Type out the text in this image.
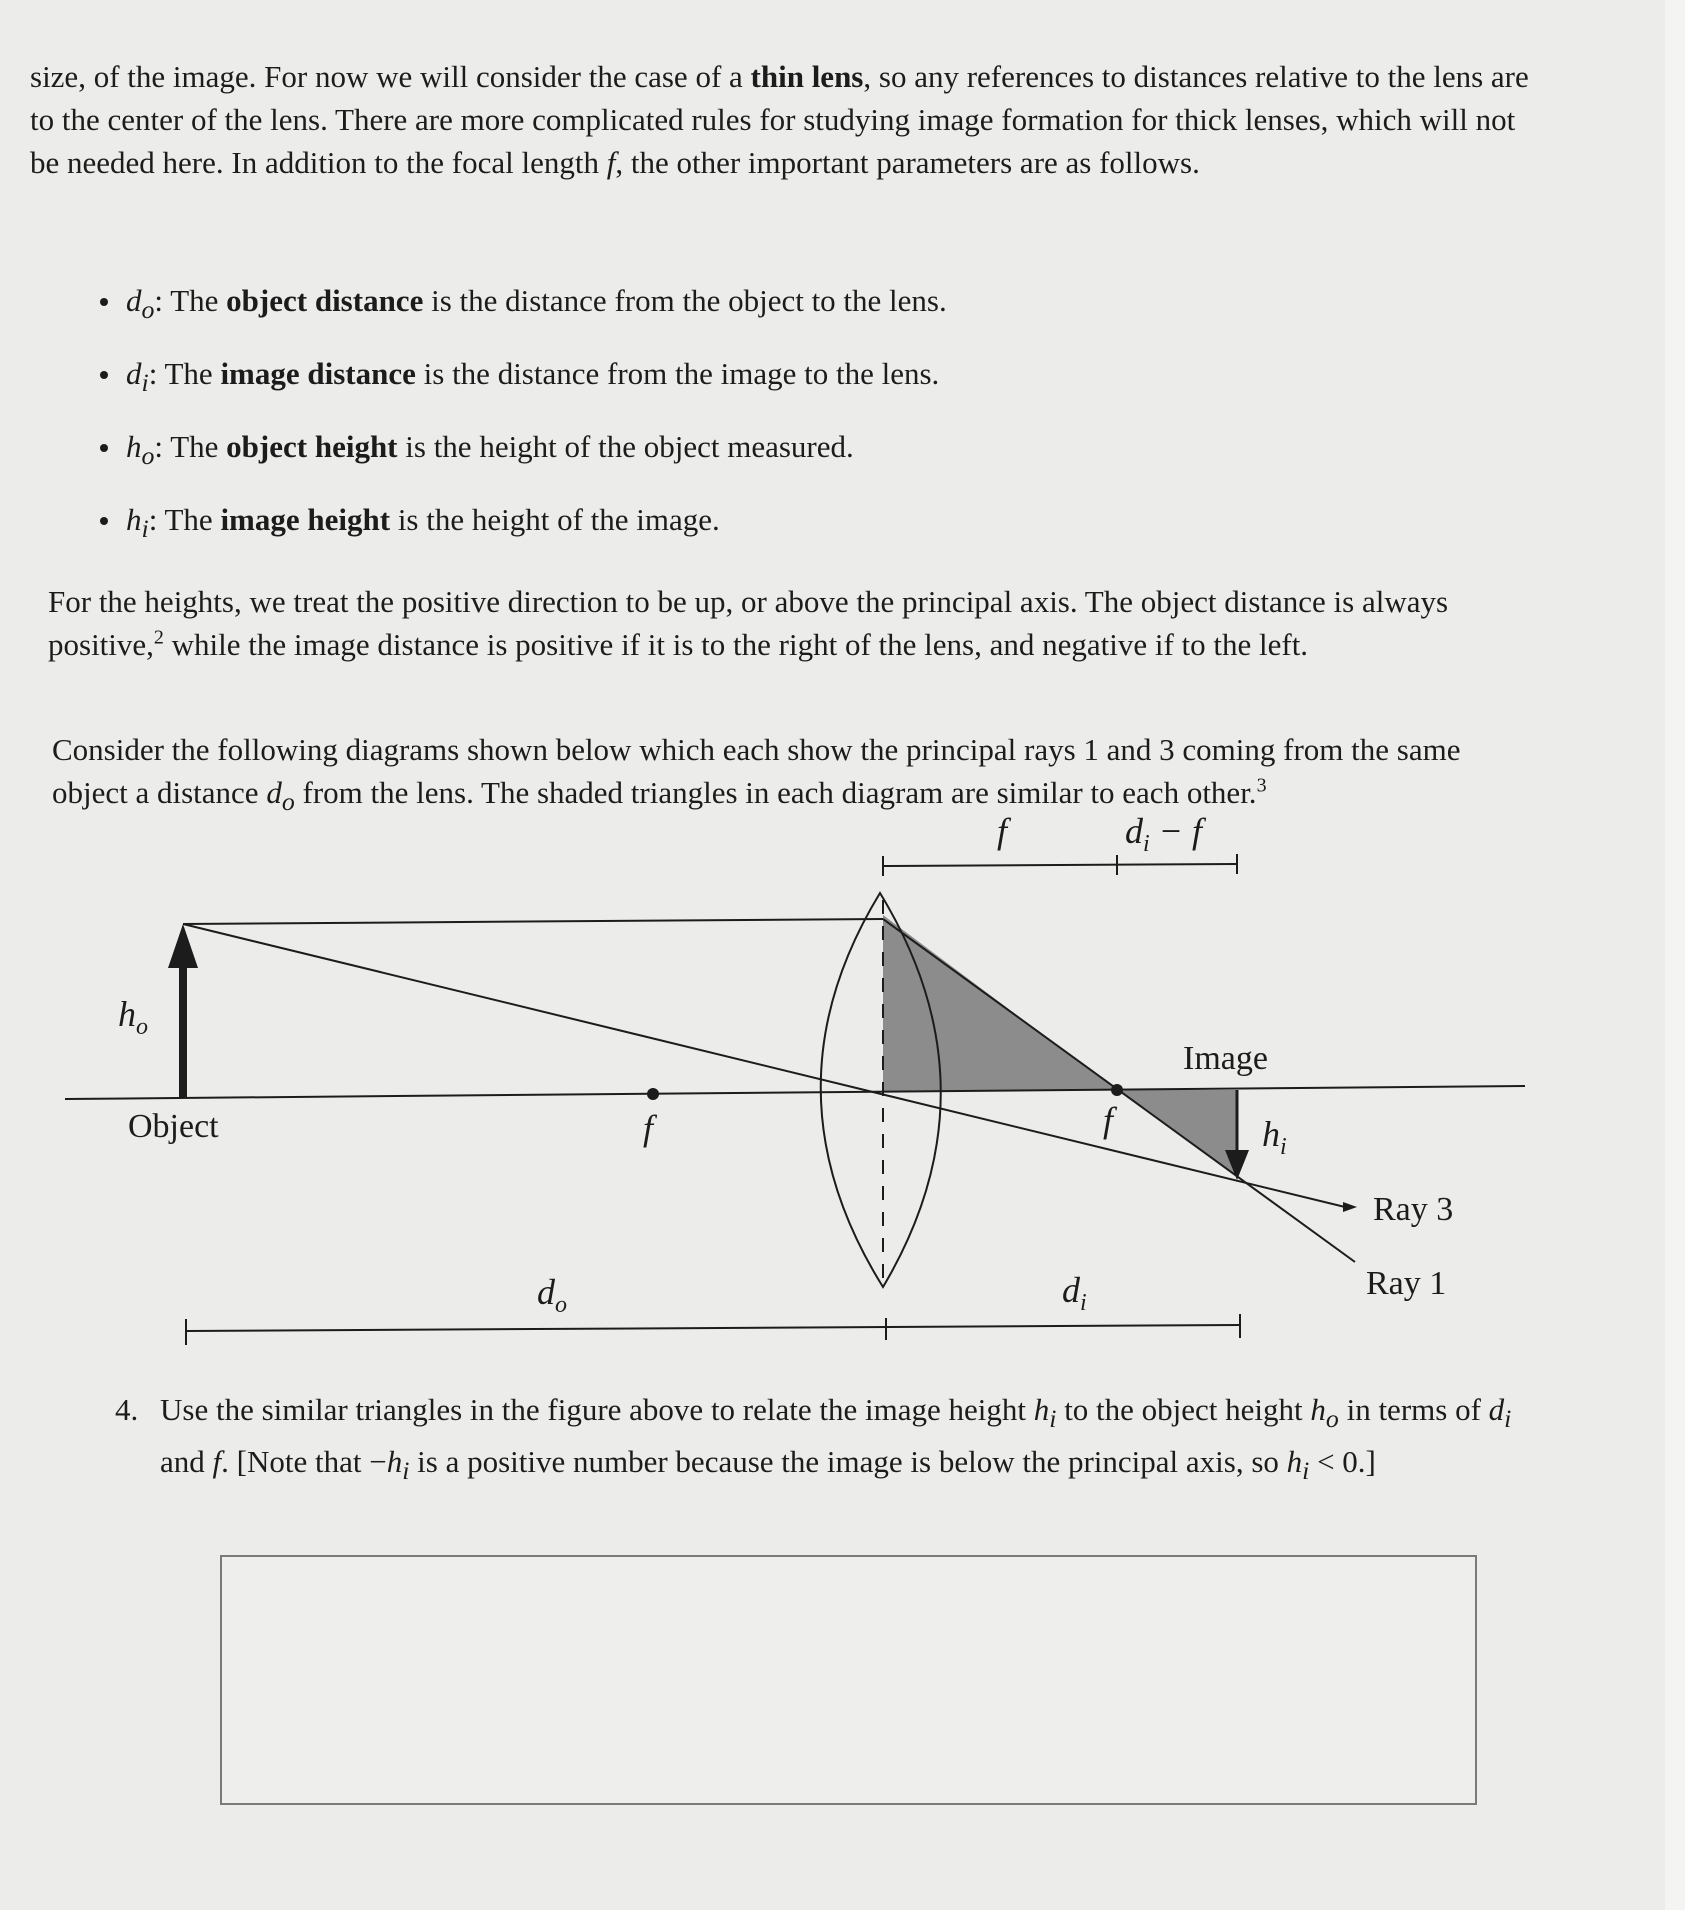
size, of the image. For now we will consider the case of a thin lens, so any references to distances relative to the lens are to the center of the lens. There are more complicated rules for studying image formation for thick lenses, which will not be needed here. In addition to the focal length f, the other important parameters are as follows.

$d_o$: The object distance is the distance from the object to the lens.
$d_i$: The image distance is the distance from the image to the lens.
$h_o$: The object height is the height of the object measured.
$h_i$: The image height is the height of the image.

For the heights, we treat the positive direction to be up, or above the principal axis. The object distance is always positive,$^2$ while the image distance is positive if it is to the right of the lens, and negative if to the left.

Consider the following diagrams shown below which each show the principal rays 1 and 3 coming from the same object a distance $d_o$ from the lens. The shaded triangles in each diagram are similar to each other.$^3$

f	$d_i - f$
$h_o$
Object	f
Image
f	$h_i$
Ray 3
Ray 1
$d_o$	$d_i$
4. Use the similar triangles in the figure above to relate the image height $h_i$ to the object height $h_o$ in terms of $d_i$ and f. [Note that $-h_i$ is a positive number because the image is below the principal axis, so $h_i < 0$.]
